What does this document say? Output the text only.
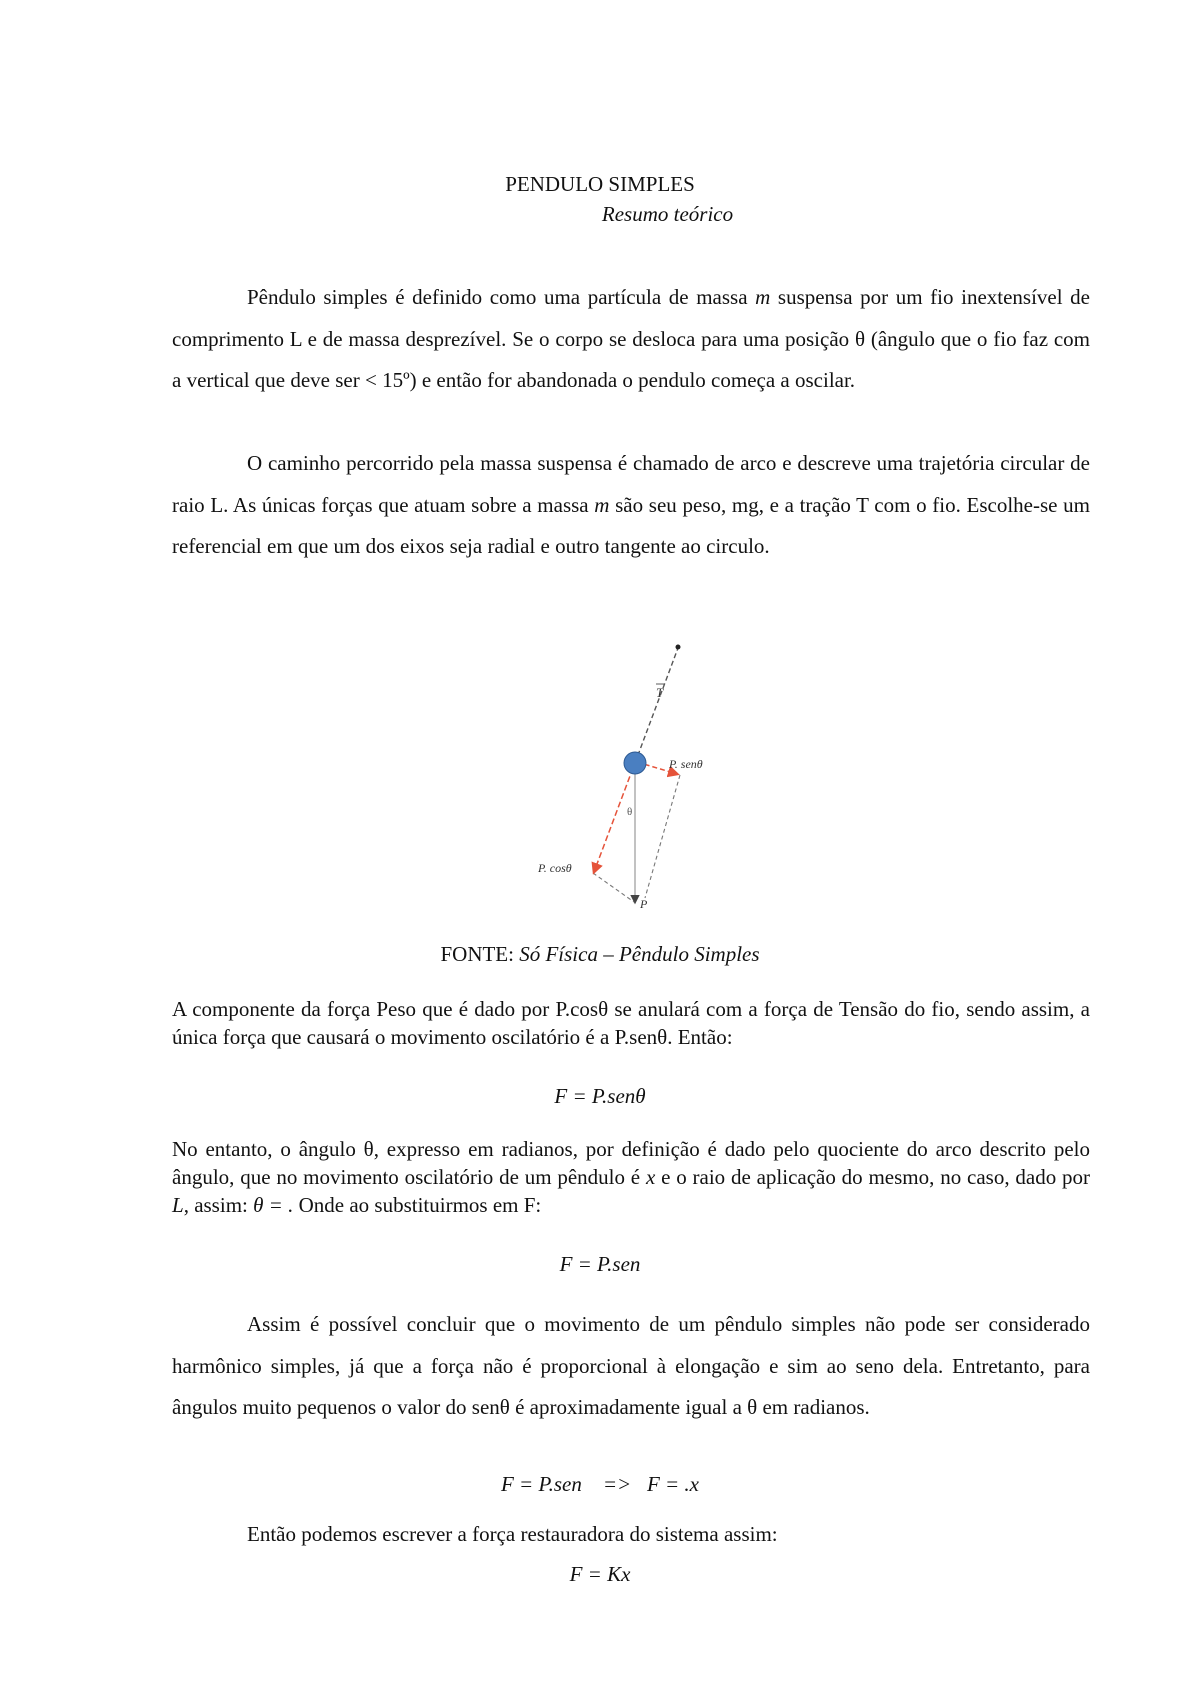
PENDULO SIMPLES
Resumo teórico
Pêndulo simples é definido como uma partícula de massa m suspensa por um fio inextensível de comprimento L e de massa desprezível. Se o corpo se desloca para uma posição θ (ângulo que o fio faz com a vertical que deve ser < 15º) e então for abandonada o pendulo começa a oscilar.
O caminho percorrido pela massa suspensa é chamado de arco e descreve uma trajetória circular de raio L. As únicas forças que atuam sobre a massa m são seu peso, mg, e a tração T com o fio. Escolhe-se um referencial em que um dos eixos seja radial e outro tangente ao circulo.
T
P. senθ
θ
P. cosθ
P
FONTE: Só Física – Pêndulo Simples
A componente da força Peso que é dado por P.cosθ se anulará com a força de Tensão do fio, sendo assim, a única força que causará o movimento oscilatório é a P.senθ. Então:
F = P.senθ
No entanto, o ângulo θ, expresso em radianos, por definição é dado pelo quociente do arco descrito pelo ângulo, que no movimento oscilatório de um pêndulo é x e o raio de aplicação do mesmo, no caso, dado por L, assim: θ = . Onde ao substituirmos em F:
F = P.sen
Assim é possível concluir que o movimento de um pêndulo simples não pode ser considerado harmônico simples, já que a força não é proporcional à elongação e sim ao seno dela. Entretanto, para ângulos muito pequenos o valor do senθ é aproximadamente igual a θ em radianos.
F = P.sen    =>   F = .x
Então podemos escrever a força restauradora do sistema assim:
F = Kx
